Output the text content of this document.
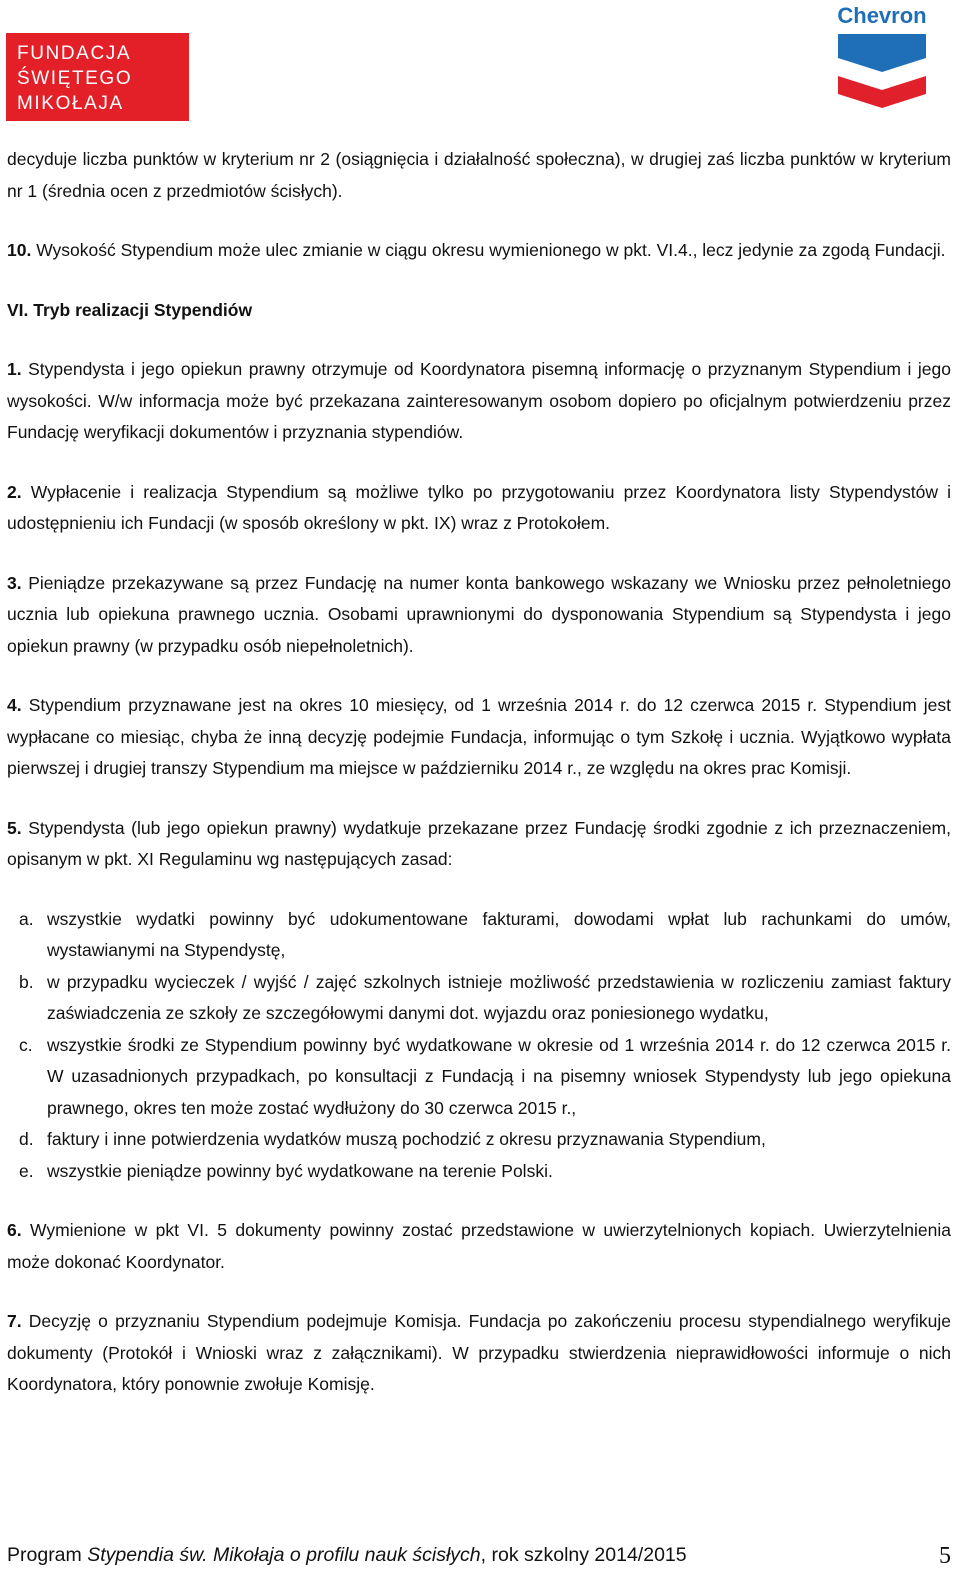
FUNDACJA
ŚWIĘTEGO
MIKOŁAJA
Chevron

decyduje liczba punktów w kryterium nr 2 (osiągnięcia i działalność społeczna), w drugiej zaś liczba punktów w kryterium nr 1 (średnia ocen z przedmiotów ścisłych).

10. Wysokość Stypendium może ulec zmianie w ciągu okresu wymienionego w pkt. VI.4., lecz jedynie za zgodą Fundacji.

VI. Tryb realizacji Stypendiów

1. Stypendysta i jego opiekun prawny otrzymuje od Koordynatora pisemną informację o przyznanym Stypendium i jego wysokości. W/w informacja może być przekazana zainteresowanym osobom dopiero po oficjalnym potwierdzeniu przez Fundację weryfikacji dokumentów i przyznania stypendiów.

2. Wypłacenie i realizacja Stypendium są możliwe tylko po przygotowaniu przez Koordynatora listy Stypendystów i udostępnieniu ich Fundacji (w sposób określony w pkt. IX) wraz z Protokołem.

3. Pieniądze przekazywane są przez Fundację na numer konta bankowego wskazany we Wniosku przez pełnoletniego ucznia lub opiekuna prawnego ucznia. Osobami uprawnionymi do dysponowania Stypendium są Stypendysta i jego opiekun prawny (w przypadku osób niepełnoletnich).

4. Stypendium przyznawane jest na okres 10 miesięcy, od 1 września 2014 r. do 12 czerwca 2015 r. Stypendium jest wypłacane co miesiąc, chyba że inną decyzję podejmie Fundacja, informując o tym Szkołę i ucznia. Wyjątkowo wypłata pierwszej i drugiej transzy Stypendium ma miejsce w październiku 2014 r., ze względu na okres prac Komisji.

5. Stypendysta (lub jego opiekun prawny) wydatkuje przekazane przez Fundację środki zgodnie z ich przeznaczeniem, opisanym w pkt. XI Regulaminu wg następujących zasad:

a. wszystkie wydatki powinny być udokumentowane fakturami, dowodami wpłat lub rachunkami do umów, wystawianymi na Stypendystę,
b. w przypadku wycieczek / wyjść / zajęć szkolnych istnieje możliwość przedstawienia w rozliczeniu zamiast faktury zaświadczenia ze szkoły ze szczegółowymi danymi dot. wyjazdu oraz poniesionego wydatku,
c. wszystkie środki ze Stypendium powinny być wydatkowane w okresie od 1 września 2014 r. do 12 czerwca 2015 r. W uzasadnionych przypadkach, po konsultacji z Fundacją i na pisemny wniosek Stypendysty lub jego opiekuna prawnego, okres ten może zostać wydłużony do 30 czerwca 2015 r.,
d. faktury i inne potwierdzenia wydatków muszą pochodzić z okresu przyznawania Stypendium,
e. wszystkie pieniądze powinny być wydatkowane na terenie Polski.

6. Wymienione w pkt VI. 5 dokumenty powinny zostać przedstawione w uwierzytelnionych kopiach. Uwierzytelnienia może dokonać Koordynator.

7. Decyzję o przyznaniu Stypendium podejmuje Komisja. Fundacja po zakończeniu procesu stypendialnego weryfikuje dokumenty (Protokół i Wnioski wraz z załącznikami). W przypadku stwierdzenia nieprawidłowości informuje o nich Koordynatora, który ponownie zwołuje Komisję.

Program Stypendia św. Mikołaja o profilu nauk ścisłych, rok szkolny 2014/2015	5
